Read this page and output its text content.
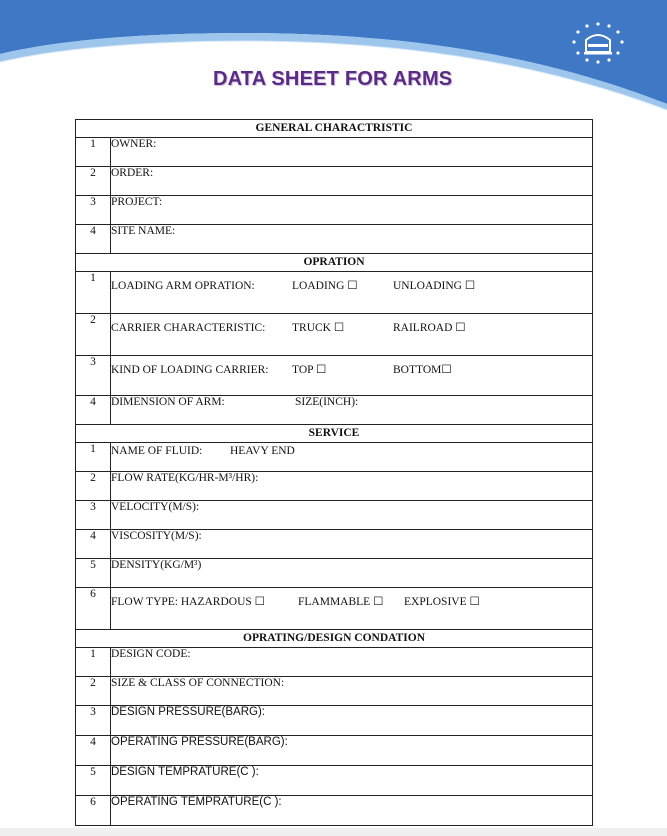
DATA SHEET FOR ARMS
GENERAL CHARACTRISTIC	
1	OWNER:
2	ORDER:
3	PROJECT:
4	SITE NAME:
OPRATION	
1	LOADING ARM OPRATION: LOADING ☐ UNLOADING ☐
2	CARRIER CHARACTERISTIC: TRUCK ☐ RAILROAD ☐
3	KIND OF LOADING CARRIER: TOP ☐ BOTTOM☐
4	DIMENSION OF ARM: SIZE(INCH):
SERVICE	
1	NAME OF FLUID: HEAVY END
2	FLOW RATE(KG/HR-M³/HR):
3	VELOCITY(M/S):
4	VISCOSITY(M/S):
5	DENSITY(KG/M³)
6	FLOW TYPE: HAZARDOUS ☐ FLAMMABLE ☐ EXPLOSIVE ☐
OPRATING/DESIGN CONDATION	
1	DESIGN CODE:
2	SIZE & CLASS OF CONNECTION:
3	DESIGN PRESSURE(BARG):
4	OPERATING PRESSURE(BARG):
5	DESIGN TEMPRATURE(C ):
6	OPERATING TEMPRATURE(C ):
